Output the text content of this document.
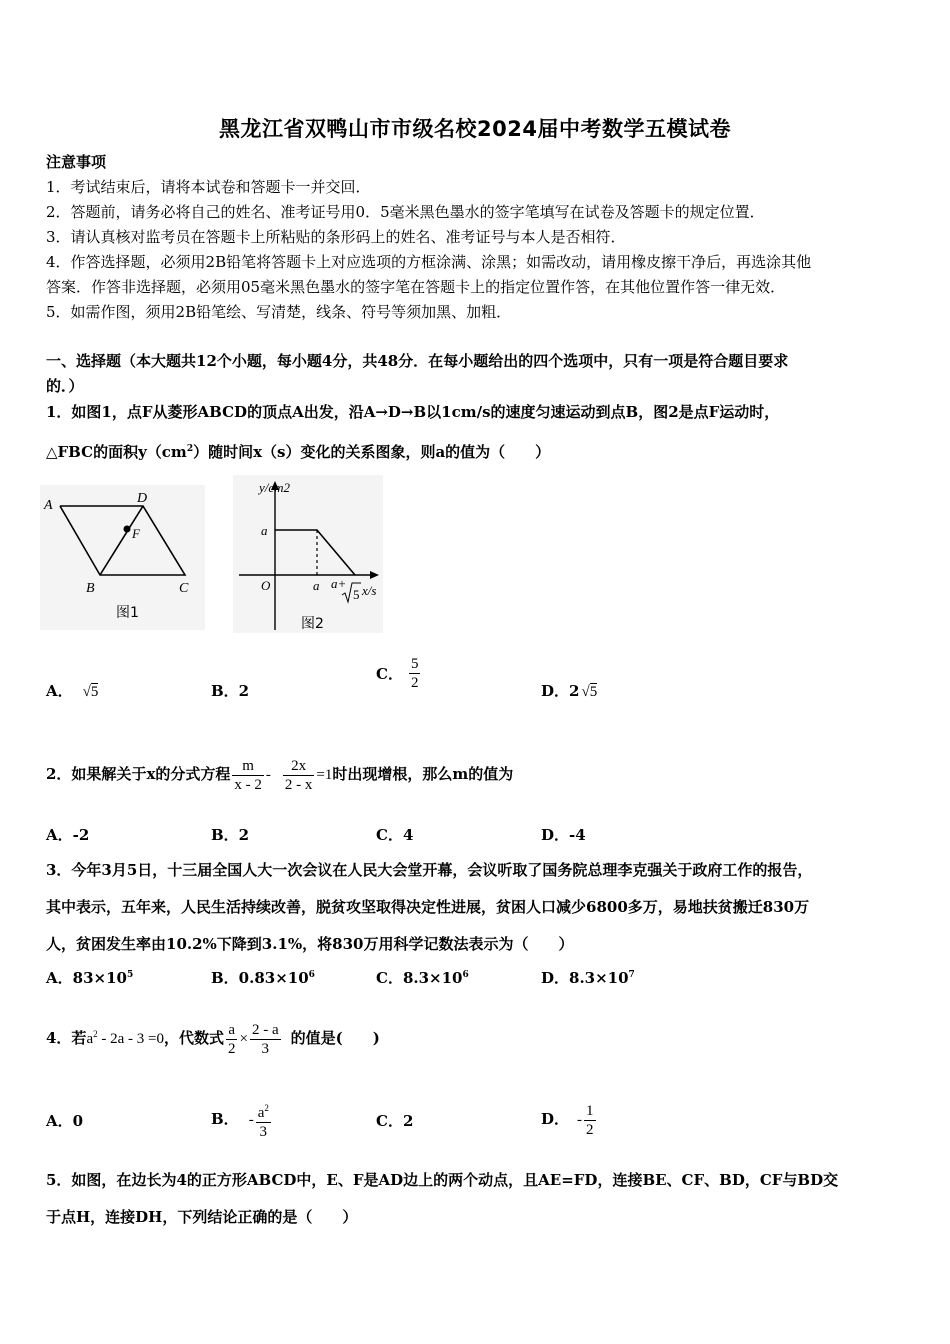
黑龙江省双鸭山市市级名校2024届中考数学五模试卷
注意事项
1．考试结束后，请将本试卷和答题卡一并交回．
2．答题前，请务必将自己的姓名、准考证号用0．5毫米黑色墨水的签字笔填写在试卷及答题卡的规定位置．
3．请认真核对监考员在答题卡上所粘贴的条形码上的姓名、准考证号与本人是否相符．
4．作答选择题，必须用2B铅笔将答题卡上对应选项的方框涂满、涂黑；如需改动，请用橡皮擦干净后，再选涂其他
答案．作答非选择题，必须用05毫米黑色墨水的签字笔在答题卡上的指定位置作答，在其他位置作答一律无效．
5．如需作图，须用2B铅笔绘、写清楚，线条、符号等须加黑、加粗．
一、选择题（本大题共12个小题，每小题4分，共48分．在每小题给出的四个选项中，只有一项是符合题目要求
的．）
1．如图1，点F从菱形ABCD的顶点A出发，沿A→D→B以1cm/s的速度匀速运动到点B，图2是点F运动时，
△FBC的面积$y(cm^2)$随时间x（s）变化的关系图象，则a的值为（　　）
A	D
F
B	C
图1
y/cm2
a
O	a a+
5 x/s
图2
A． √5	B．2
C． $\frac{5}{2}$	D．2 √5
2．如果解关于x的分式方程 $\frac{m}{x - 2} - \frac{2x}{2 - x} =1$时出现增根，那么m的值为
A．-2	B．2	C．4	D．-4
3．今年3月5日，十三届全国人大一次会议在人民大会堂开幕，会议听取了国务院总理李克强关于政府工作的报告，
其中表示，五年来，人民生活持续改善，脱贫攻坚取得决定性进展，贫困人口减少6800多万，易地扶贫搬迁830万
人，贫困发生率由10.2%下降到3.1%，将830万用科学记数法表示为（　　）
A．$83\times 10^5$	B．$0.83\times 10^6$	C．$8.3\times 10^6$	D．$8.3\times 10^7$
4．若$a^2 - 2a - 3 =0$，代数式 $\frac{a}{2} \times \frac{2 - a}{3}$ 的值是(　　)
A．0	B． - $\frac{a^2}{3}$	C．2	D． - $\frac{1}{2}$
5．如图，在边长为4的正方形ABCD中，E、F是AD边上的两个动点，且AE=FD，连接BE、CF、BD，CF与BD交
于点H，连接DH，下列结论正确的是（　　）
